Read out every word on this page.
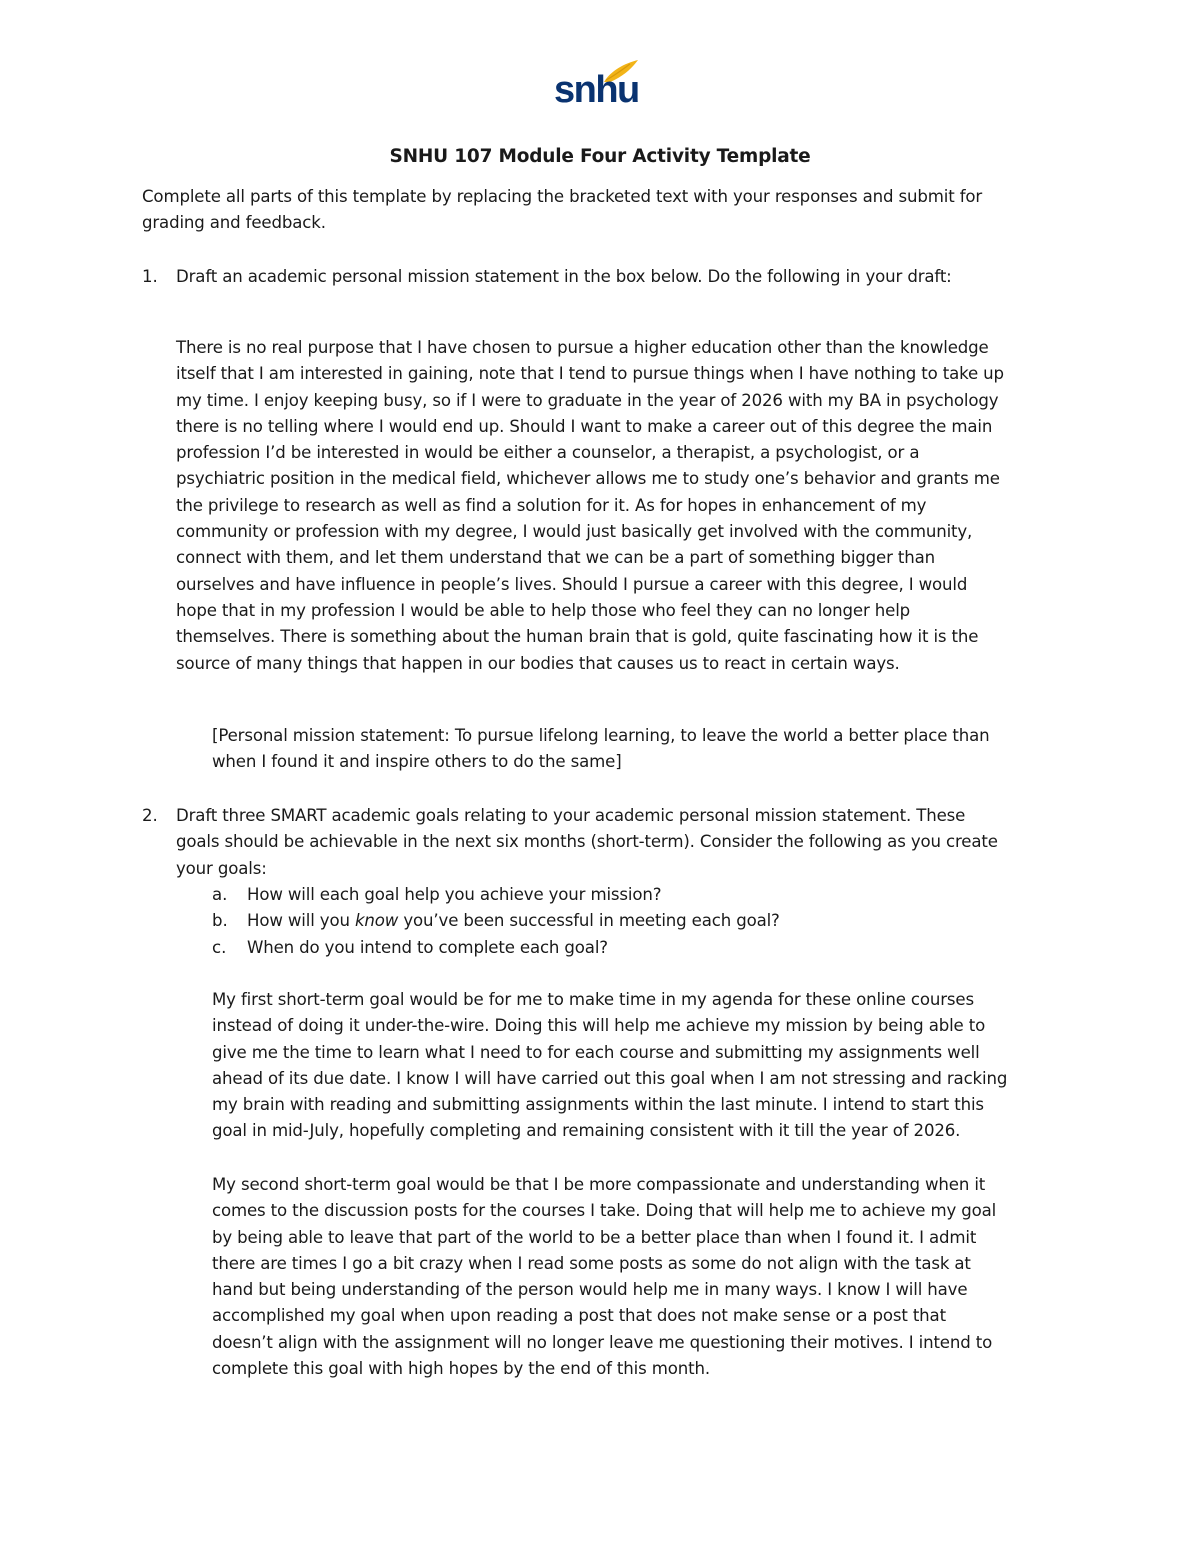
snhu
SNHU 107 Module Four Activity Template
Complete all parts of this template by replacing the bracketed text with your responses and submit for
grading and feedback.
1. Draft an academic personal mission statement in the box below. Do the following in your draft:
There is no real purpose that I have chosen to pursue a higher education other than the knowledge
itself that I am interested in gaining, note that I tend to pursue things when I have nothing to take up
my time. I enjoy keeping busy, so if I were to graduate in the year of 2026 with my BA in psychology
there is no telling where I would end up. Should I want to make a career out of this degree the main
profession I’d be interested in would be either a counselor, a therapist, a psychologist, or a
psychiatric position in the medical field, whichever allows me to study one’s behavior and grants me
the privilege to research as well as find a solution for it. As for hopes in enhancement of my
community or profession with my degree, I would just basically get involved with the community,
connect with them, and let them understand that we can be a part of something bigger than
ourselves and have influence in people’s lives. Should I pursue a career with this degree, I would
hope that in my profession I would be able to help those who feel they can no longer help
themselves. There is something about the human brain that is gold, quite fascinating how it is the
source of many things that happen in our bodies that causes us to react in certain ways.
[Personal mission statement: To pursue lifelong learning, to leave the world a better place than
when I found it and inspire others to do the same]
2. Draft three SMART academic goals relating to your academic personal mission statement. These
goals should be achievable in the next six months (short-term). Consider the following as you create
your goals:
a. How will each goal help you achieve your mission?
b. How will you know you’ve been successful in meeting each goal?
c. When do you intend to complete each goal?
My first short-term goal would be for me to make time in my agenda for these online courses
instead of doing it under-the-wire. Doing this will help me achieve my mission by being able to
give me the time to learn what I need to for each course and submitting my assignments well
ahead of its due date. I know I will have carried out this goal when I am not stressing and racking
my brain with reading and submitting assignments within the last minute. I intend to start this
goal in mid-July, hopefully completing and remaining consistent with it till the year of 2026.
My second short-term goal would be that I be more compassionate and understanding when it
comes to the discussion posts for the courses I take. Doing that will help me to achieve my goal
by being able to leave that part of the world to be a better place than when I found it. I admit
there are times I go a bit crazy when I read some posts as some do not align with the task at
hand but being understanding of the person would help me in many ways. I know I will have
accomplished my goal when upon reading a post that does not make sense or a post that
doesn’t align with the assignment will no longer leave me questioning their motives. I intend to
complete this goal with high hopes by the end of this month.
